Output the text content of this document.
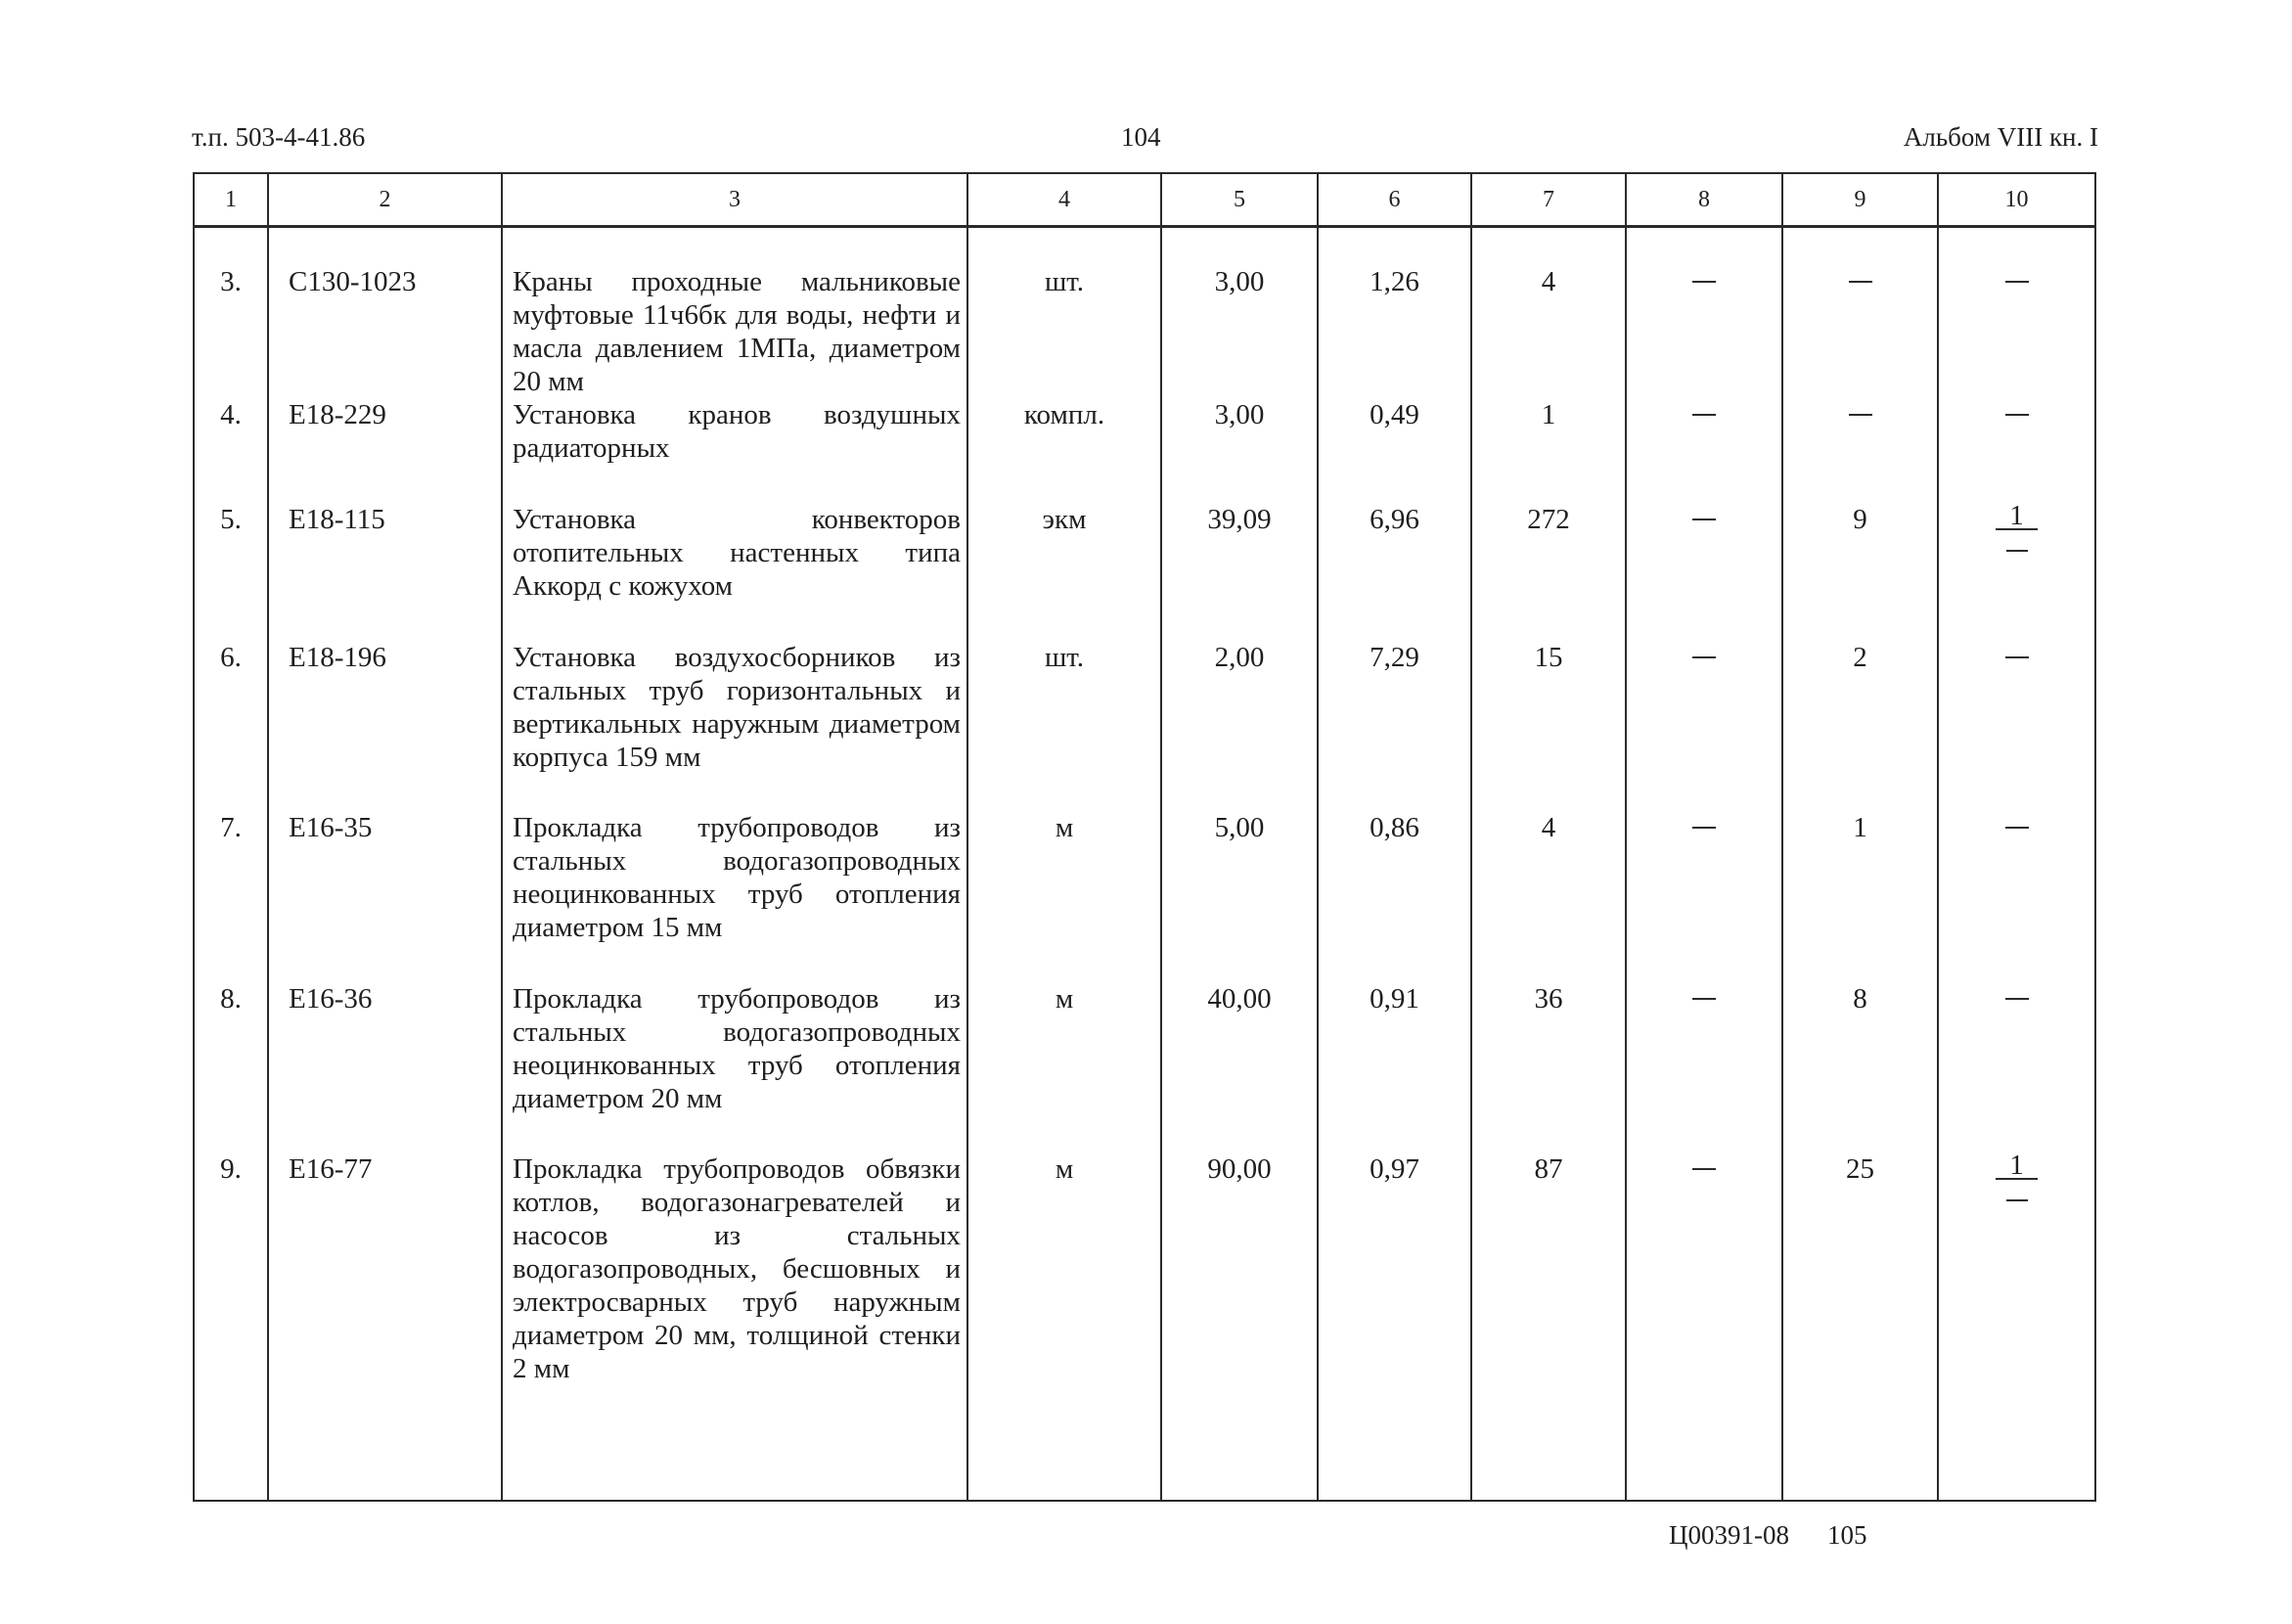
т.п. 503-4-41.86	104	Альбом VIII кн. I
1	2	3	4	5	6	7	8	9	10
3.	С130-1023	Краны проходные мальниковые муфтовые 11ч6бк для воды, нефти и масла давлением 1МПа, диаметром 20 мм	шт.	3,00	1,26	4			
4.	Е18-229	Установка кранов воздушных радиаторных	компл.	3,00	0,49	1			
5.	Е18-115	Установка конвекторов отопительных настенных типа Аккорд с кожухом	экм	39,09	6,96	272		9	1

6.	Е18-196	Установка воздухосборников из стальных труб горизонтальных и вертикальных наружным диаметром корпуса 159 мм	шт.	2,00	7,29	15		2	
7.	Е16-35	Прокладка трубопроводов из стальных водогазопроводных неоцинкованных труб отопления диаметром 15 мм	м	5,00	0,86	4		1	
8.	Е16-36	Прокладка трубопроводов из стальных водогазопроводных неоцинкованных труб отопления диаметром 20 мм	м	40,00	0,91	36		8	
9.	Е16-77	Прокладка трубопроводов обвязки котлов, водогазонагревателей и насосов из стальных водогазопроводных, бесшовных и электросварных труб наружным диаметром 20 мм, толщиной стенки 2 мм	м	90,00	0,97	87		25	1
Ц00391-08 105
